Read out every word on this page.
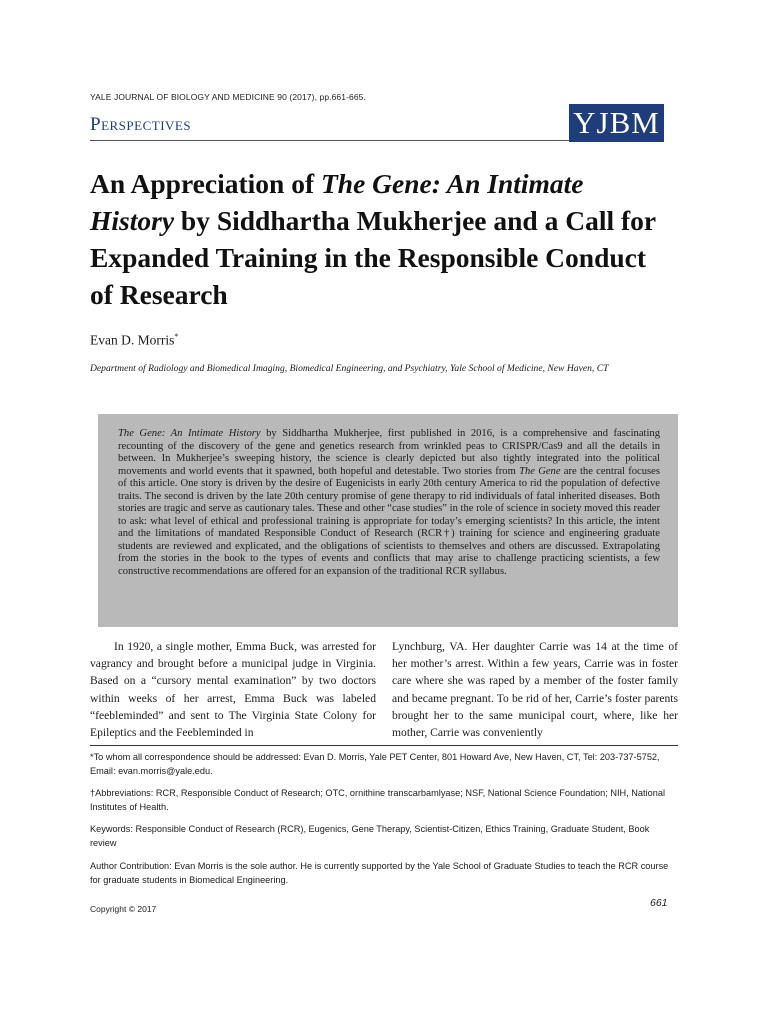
YALE JOURNAL OF BIOLOGY AND MEDICINE 90 (2017), pp.661-665.
Perspectives	YJBM
An Appreciation of The Gene: An Intimate History by Siddhartha Mukherjee and a Call for Expanded Training in the Responsible Conduct of Research
Evan D. Morris*
Department of Radiology and Biomedical Imaging, Biomedical Engineering, and Psychiatry, Yale School of Medicine, New Haven, CT
The Gene: An Intimate History by Siddhartha Mukherjee, first published in 2016, is a comprehensive and fascinating recounting of the discovery of the gene and genetics research from wrinkled peas to CRISPR/Cas9 and all the details in between. In Mukherjee’s sweeping history, the science is clearly depicted but also tightly integrated into the political movements and world events that it spawned, both hopeful and detestable. Two stories from The Gene are the central focuses of this article. One story is driven by the desire of Eugenicists in early 20th century America to rid the population of defective traits. The second is driven by the late 20th century promise of gene therapy to rid individuals of fatal inherited diseases. Both stories are tragic and serve as cautionary tales. These and other “case studies” in the role of science in society moved this reader to ask: what level of ethical and professional training is appropriate for today’s emerging scientists? In this article, the intent and the limitations of mandated Responsible Conduct of Research (RCR†) training for science and engineering graduate students are reviewed and explicated, and the obligations of scientists to themselves and others are discussed. Extrapolating from the stories in the book to the types of events and conflicts that may arise to challenge practicing scientists, a few constructive recommendations are offered for an expansion of the traditional RCR syllabus.
In 1920, a single mother, Emma Buck, was arrested for vagrancy and brought before a municipal judge in Virginia. Based on a “cursory mental examination” by two doctors within weeks of her arrest, Emma Buck was labeled “feebleminded” and sent to The Virginia State Colony for Epileptics and the Feebleminded in
Lynchburg, VA. Her daughter Carrie was 14 at the time of her mother’s arrest. Within a few years, Carrie was in foster care where she was raped by a member of the foster family and became pregnant. To be rid of her, Carrie’s foster parents brought her to the same municipal court, where, like her mother, Carrie was conveniently
*To whom all correspondence should be addressed: Evan D. Morris, Yale PET Center, 801 Howard Ave, New Haven, CT, Tel: 203-737-5752, Email: evan.morris@yale.edu.
†Abbreviations: RCR, Responsible Conduct of Research; OTC, ornithine transcarbamlyase; NSF, National Science Foundation; NIH, National Institutes of Health.
Keywords: Responsible Conduct of Research (RCR), Eugenics, Gene Therapy, Scientist-Citizen, Ethics Training, Graduate Student, Book review
Author Contribution: Evan Morris is the sole author. He is currently supported by the Yale School of Graduate Studies to teach the RCR course for graduate students in Biomedical Engineering.
Copyright © 2017	661
